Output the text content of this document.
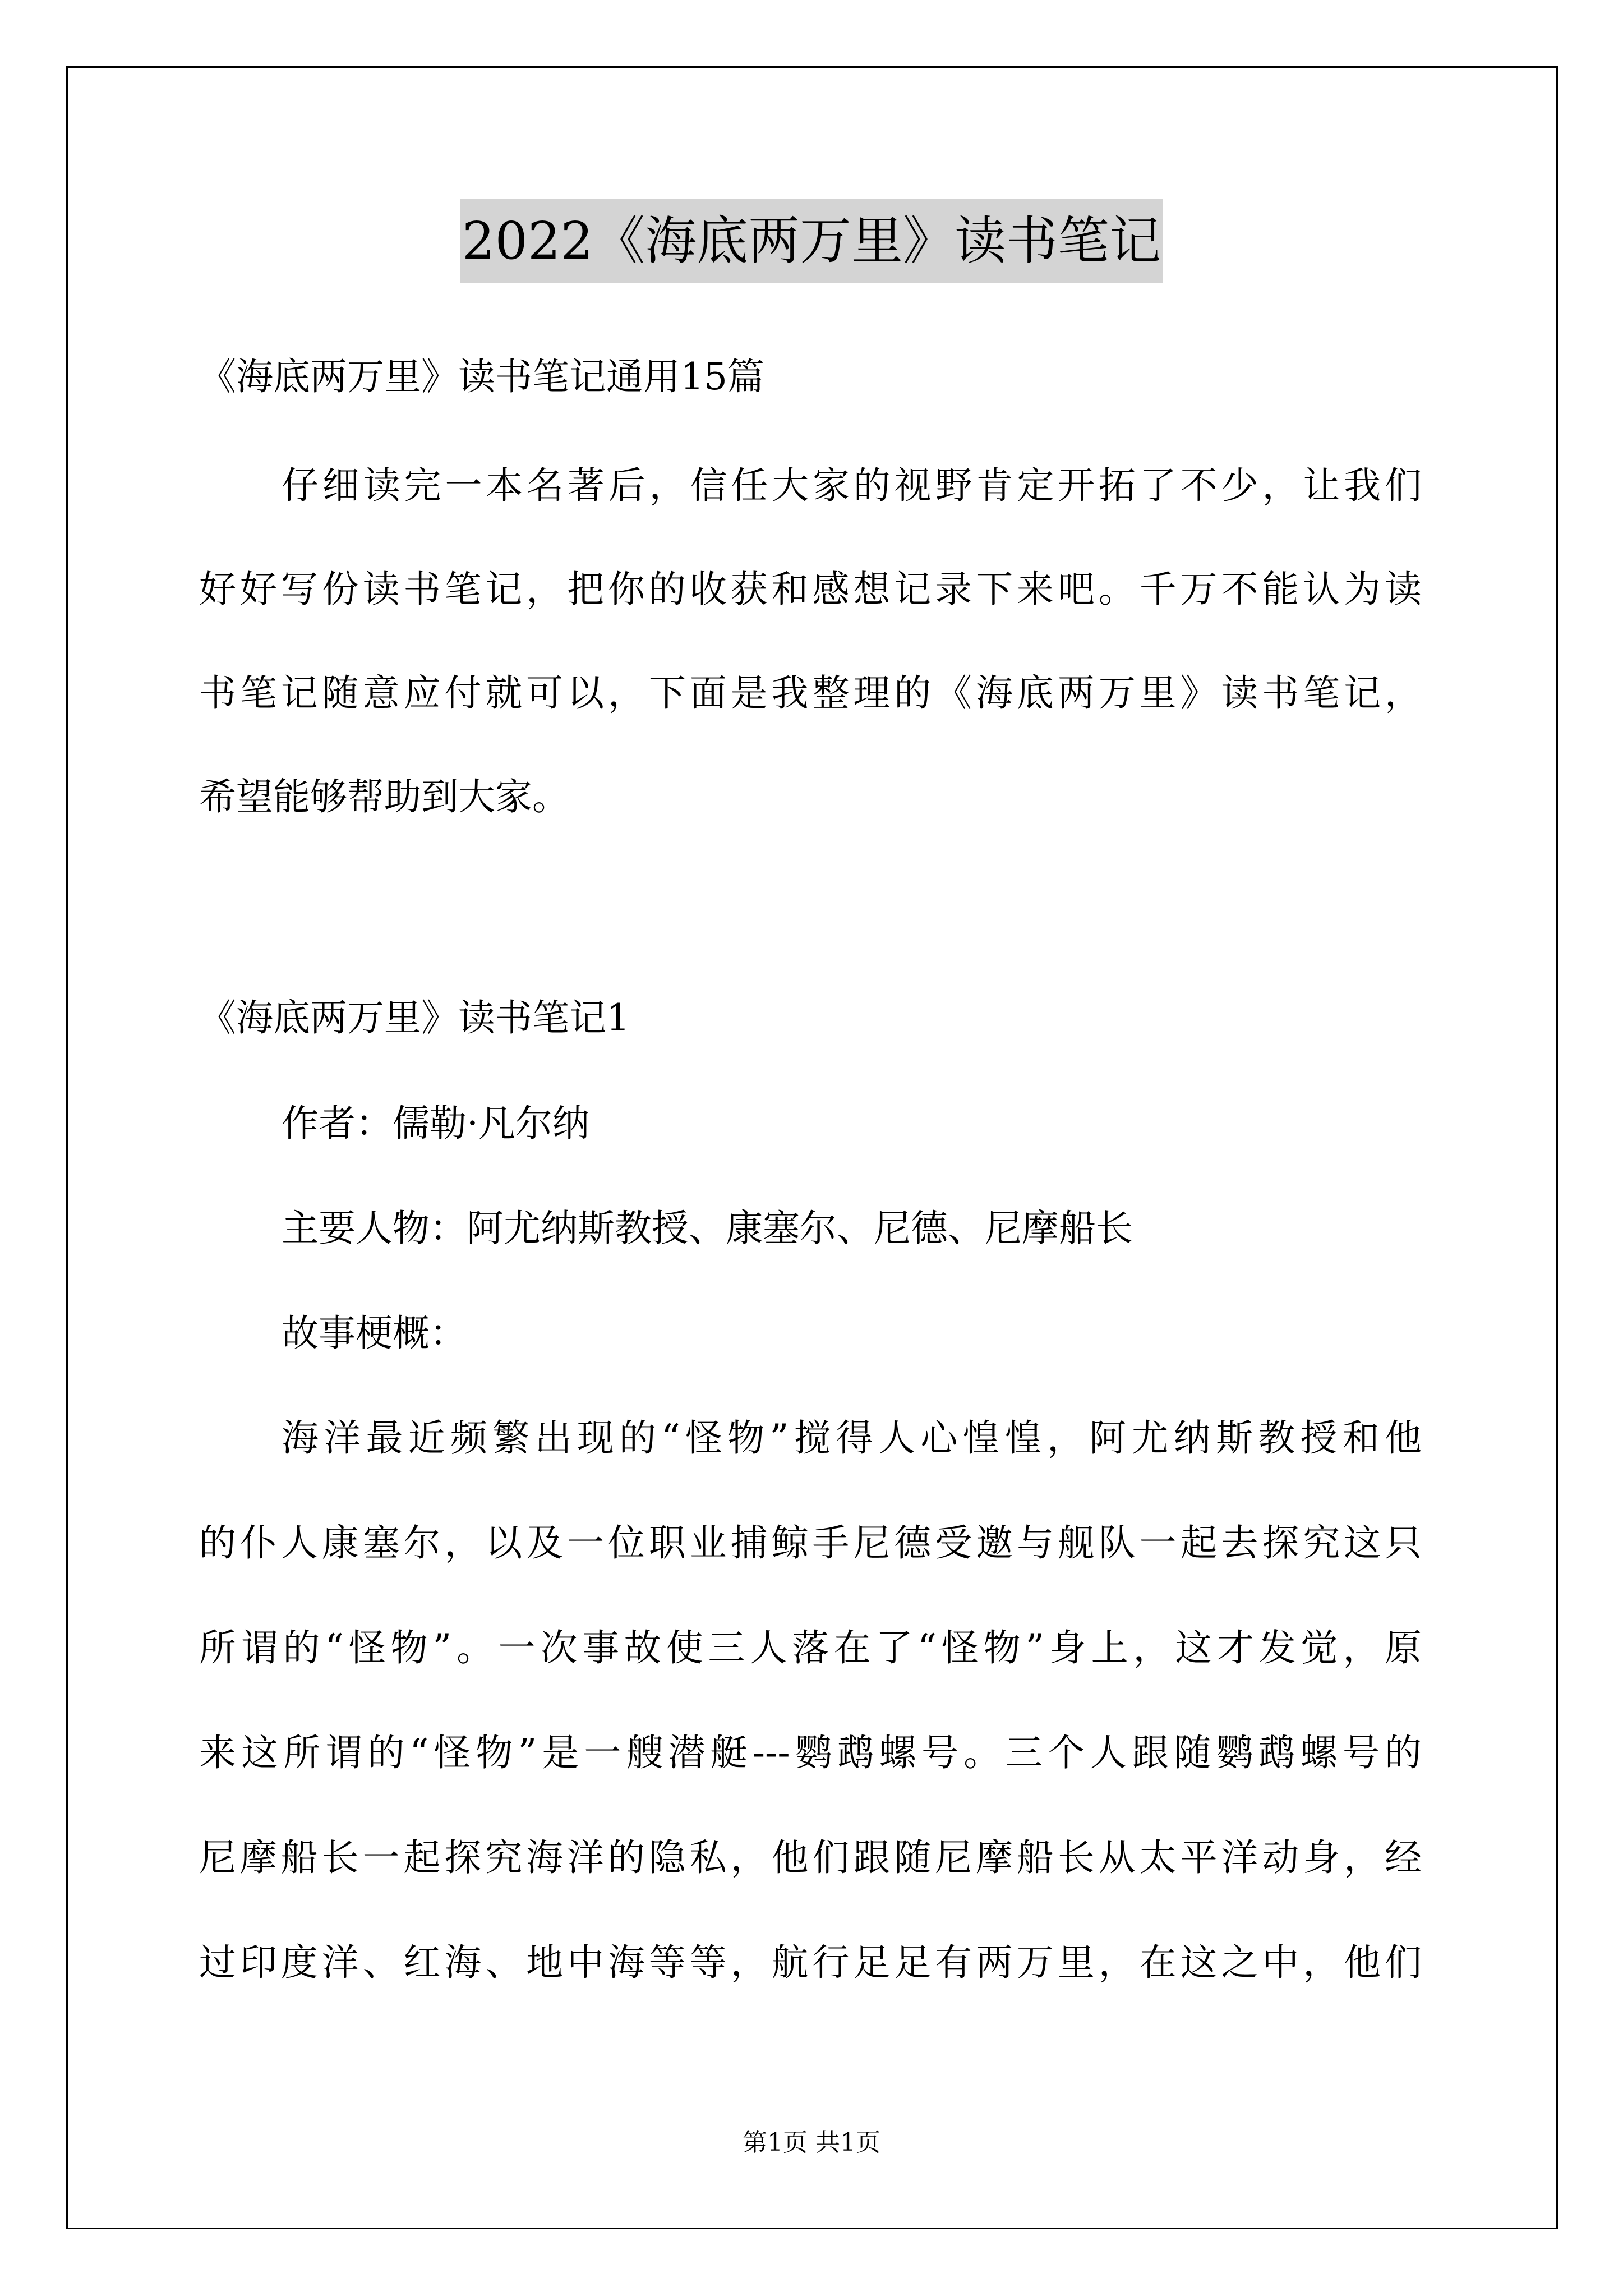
2022《海底两万里》读书笔记
《海底两万里》读书笔记通用15篇
仔细读完一本名著后，信任大家的视野肯定开拓了不少，让我们
好好写份读书笔记，把你的收获和感想记录下来吧。千万不能认为读
书笔记随意应付就可以，下面是我整理的《海底两万里》读书笔记，
希望能够帮助到大家。
《海底两万里》读书笔记1
作者：儒勒·凡尔纳
主要人物：阿尤纳斯教授、康塞尔、尼德、尼摩船长
故事梗概：
海洋最近频繁出现的“怪物”搅得人心惶惶，阿尤纳斯教授和他
的仆人康塞尔，以及一位职业捕鲸手尼德受邀与舰队一起去探究这只
所谓的“怪物”。一次事故使三人落在了“怪物”身上，这才发觉，原
来这所谓的“怪物”是一艘潜艇---鹦鹉螺号。三个人跟随鹦鹉螺号的
尼摩船长一起探究海洋的隐私，他们跟随尼摩船长从太平洋动身，经
过印度洋、红海、地中海等等，航行足足有两万里，在这之中，他们
第1页 共1页
